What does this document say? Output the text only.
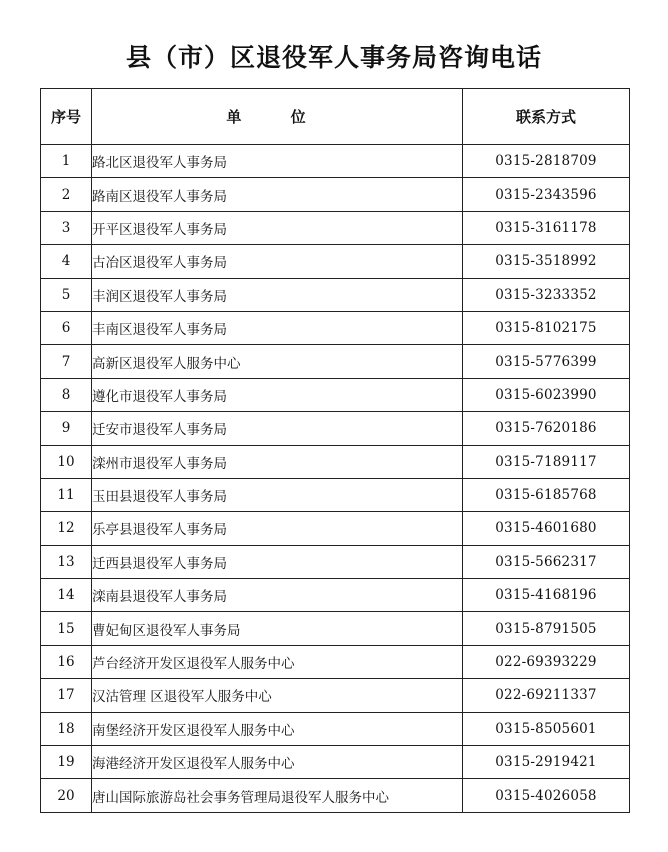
县（市）区退役军人事务局咨询电话
序号	单 位	联系方式
1	路北区退役军人事务局	0315-2818709
2	路南区退役军人事务局	0315-2343596
3	开平区退役军人事务局	0315-3161178
4	古冶区退役军人事务局	0315-3518992
5	丰润区退役军人事务局	0315-3233352
6	丰南区退役军人事务局	0315-8102175
7	高新区退役军人服务中心	0315-5776399
8	遵化市退役军人事务局	0315-6023990
9	迁安市退役军人事务局	0315-7620186
10	滦州市退役军人事务局	0315-7189117
11	玉田县退役军人事务局	0315-6185768
12	乐亭县退役军人事务局	0315-4601680
13	迁西县退役军人事务局	0315-5662317
14	滦南县退役军人事务局	0315-4168196
15	曹妃甸区退役军人事务局	0315-8791505
16	芦台经济开发区退役军人服务中心	022-69393229
17	汉沽管理 区退役军人服务中心	022-69211337
18	南堡经济开发区退役军人服务中心	0315-8505601
19	海港经济开发区退役军人服务中心	0315-2919421
20	唐山国际旅游岛社会事务管理局退役军人服务中心	0315-4026058
